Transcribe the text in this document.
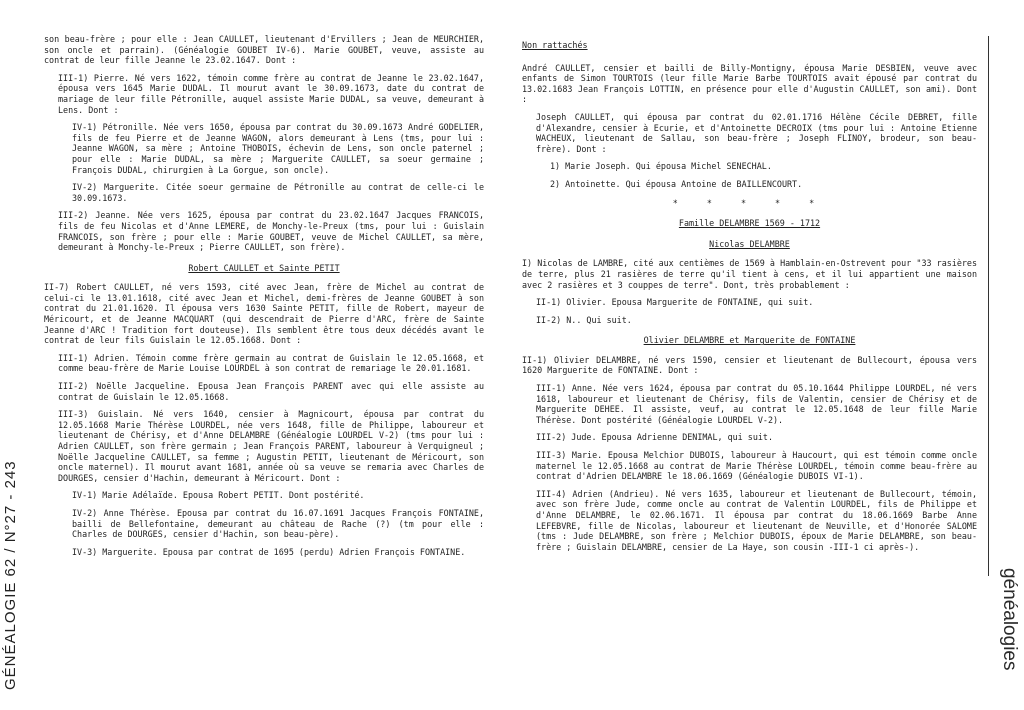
GÉNÉALOGIE 62 / N°27 - 243

son beau-frère ; pour elle : Jean CAULLET, lieutenant d'Ervillers ; Jean de MEURCHIER, son oncle et parrain). (Généalogie GOUBET IV-6). Marie GOUBET, veuve, assiste au contrat de leur fille Jeanne le 23.02.1647. Dont :

III-1) Pierre. Né vers 1622, témoin comme frère au contrat de Jeanne le 23.02.1647, épousa vers 1645 Marie DUDAL. Il mourut avant le 30.09.1673, date du contrat de mariage de leur fille Pétronille, auquel assiste Marie DUDAL, sa veuve, demeurant à Lens. Dont :

IV-1) Pétronille. Née vers 1650, épousa par contrat du 30.09.1673 André GODELIER, fils de feu Pierre et de Jeanne WAGON, alors demeurant à Lens (tms, pour lui : Jeanne WAGON, sa mère ; Antoine THOBOIS, échevin de Lens, son oncle paternel ; pour elle : Marie DUDAL, sa mère ; Marguerite CAULLET, sa soeur germaine ; François DUDAL, chirurgien à La Gorgue, son oncle).

IV-2) Marguerite. Citée soeur germaine de Pétronille au contrat de celle-ci le 30.09.1673.

III-2) Jeanne. Née vers 1625, épousa par contrat du 23.02.1647 Jacques FRANCOIS, fils de feu Nicolas et d'Anne LEMERE, de Monchy-le-Preux (tms, pour lui : Guislain FRANCOIS, son frère ; pour elle : Marie GOUBET, veuve de Michel CAULLET, sa mère, demeurant à Monchy-le-Preux ; Pierre CAULLET, son frère).

Robert CAULLET et Sainte PETIT

II-7) Robert CAULLET, né vers 1593, cité avec Jean, frère de Michel au contrat de celui-ci le 13.01.1618, cité avec Jean et Michel, demi-frères de Jeanne GOUBET à son contrat du 21.01.1620. Il épousa vers 1630 Sainte PETIT, fille de Robert, mayeur de Méricourt, et de Jeanne MACQUART (qui descendrait de Pierre d'ARC, frère de Sainte Jeanne d'ARC ! Tradition fort douteuse). Ils semblent être tous deux décédés avant le contrat de leur fils Guislain le 12.05.1668. Dont :

III-1) Adrien. Témoin comme frère germain au contrat de Guislain le 12.05.1668, et comme beau-frère de Marie Louise LOURDEL à son contrat de remariage le 20.01.1681.

III-2) Noëlle Jacqueline. Epousa Jean François PARENT avec qui elle assiste au contrat de Guislain le 12.05.1668.

III-3) Guislain. Né vers 1640, censier à Magnicourt, épousa par contrat du 12.05.1668 Marie Thérèse LOURDEL, née vers 1648, fille de Philippe, laboureur et lieutenant de Chérisy, et d'Anne DELAMBRE (Généalogie LOURDEL V-2) (tms pour lui : Adrien CAULLET, son frère germain ; Jean François PARENT, laboureur à Verquigneul ; Noëlle Jacqueline CAULLET, sa femme ; Augustin PETIT, lieutenant de Méricourt, son oncle maternel). Il mourut avant 1681, année où sa veuve se remaria avec Charles de DOURGES, censier d'Hachin, demeurant à Méricourt. Dont :

IV-1) Marie Adélaïde. Epousa Robert PETIT. Dont postérité.

IV-2) Anne Thérèse. Epousa par contrat du 16.07.1691 Jacques François FONTAINE, bailli de Bellefontaine, demeurant au château de Rache (?) (tm pour elle : Charles de DOURGES, censier d'Hachin, son beau-père).

IV-3) Marguerite. Epousa par contrat de 1695 (perdu) Adrien François FONTAINE.

Non rattachés

André CAULLET, censier et bailli de Billy-Montigny, épousa Marie DESBIEN, veuve avec enfants de Simon TOURTOIS (leur fille Marie Barbe TOURTOIS avait épousé par contrat du 13.02.1683 Jean François LOTTIN, en présence pour elle d'Augustin CAULLET, son ami). Dont :

Joseph CAULLET, qui épousa par contrat du 02.01.1716 Hélène Cécile DEBRET, fille d'Alexandre, censier à Ecurie, et d'Antoinette DECROIX (tms pour lui : Antoine Etienne WACHEUX, lieutenant de Sallau, son beau-frère ; Joseph FLINOY, brodeur, son beau-frère). Dont :

1) Marie Joseph. Qui épousa Michel SENECHAL.

2) Antoinette. Qui épousa Antoine de BAILLENCOURT.

* * * * *

Famille DELAMBRE 1569 - 1712

Nicolas DELAMBRE

I) Nicolas de LAMBRE, cité aux centièmes de 1569 à Hamblain-en-Ostrevent pour "33 rasières de terre, plus 21 rasières de terre qu'il tient à cens, et il lui appartient une maison avec 2 rasières et 3 couppes de terre". Dont, très probablement :

II-1) Olivier. Epousa Marguerite de FONTAINE, qui suit.

II-2) N.. Qui suit.

Olivier DELAMBRE et Marguerite de FONTAINE

II-1) Olivier DELAMBRE, né vers 1590, censier et lieutenant de Bullecourt, épousa vers 1620 Marguerite de FONTAINE. Dont :

III-1) Anne. Née vers 1624, épousa par contrat du 05.10.1644 Philippe LOURDEL, né vers 1618, laboureur et lieutenant de Chérisy, fils de Valentin, censier de Chérisy et de Marguerite DEHEE. Il assiste, veuf, au contrat le 12.05.1648 de leur fille Marie Thérèse. Dont postérité (Généalogie LOURDEL V-2).

III-2) Jude. Epousa Adrienne DENIMAL, qui suit.

III-3) Marie. Epousa Melchior DUBOIS, laboureur à Haucourt, qui est témoin comme oncle maternel le 12.05.1668 au contrat de Marie Thérèse LOURDEL, témoin comme beau-frère au contrat d'Adrien DELAMBRE le 18.06.1669 (Généalogie DUBOIS VI-1).

III-4) Adrien (Andrieu). Né vers 1635, laboureur et lieutenant de Bullecourt, témoin, avec son frère Jude, comme oncle au contrat de Valentin LOURDEL, fils de Philippe et d'Anne DELAMBRE, le 02.06.1671. Il épousa par contrat du 18.06.1669 Barbe Anne LEFEBVRE, fille de Nicolas, laboureur et lieutenant de Neuville, et d'Honorée SALOME (tms : Jude DELAMBRE, son frère ; Melchior DUBOIS, époux de Marie DELAMBRE, son beau-frère ; Guislain DELAMBRE, censier de La Haye, son cousin -III-1 ci après-).

généalogies
